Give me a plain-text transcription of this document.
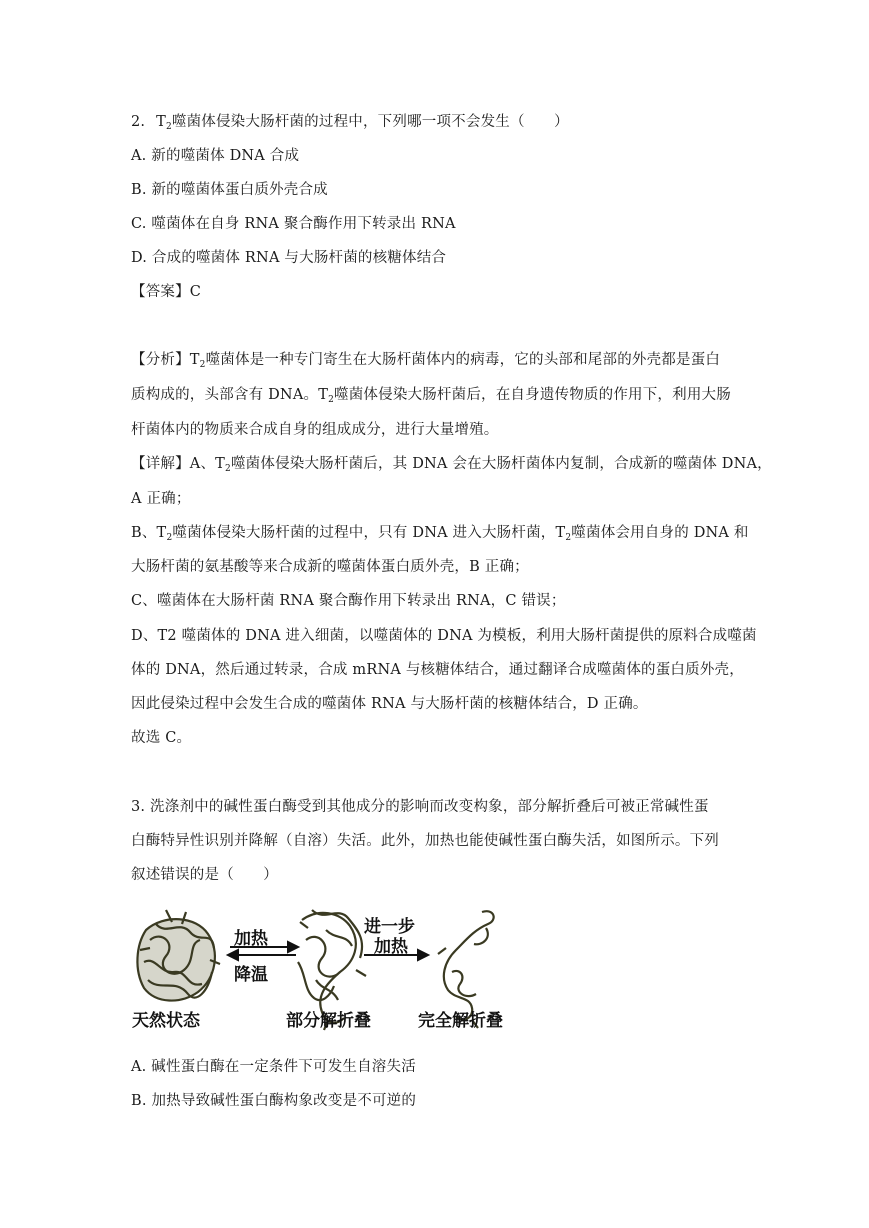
2. $T_2$噬菌体侵染大肠杆菌的过程中，下列哪一项不会发生（　　）
A. 新的噬菌体 DNA 合成
B. 新的噬菌体蛋白质外壳合成
C. 噬菌体在自身 RNA 聚合酶作用下转录出 RNA
D. 合成的噬菌体 RNA 与大肠杆菌的核糖体结合
【答案】C
【分析】$T_2$噬菌体是一种专门寄生在大肠杆菌体内的病毒，它的头部和尾部的外壳都是蛋白
质构成的，头部含有 DNA。$T_2$噬菌体侵染大肠杆菌后，在自身遗传物质的作用下，利用大肠
杆菌体内的物质来合成自身的组成成分，进行大量增殖。
【详解】A、$T_2$噬菌体侵染大肠杆菌后，其 DNA 会在大肠杆菌体内复制，合成新的噬菌体 DNA，
A 正确；
B、$T_2$噬菌体侵染大肠杆菌的过程中，只有 DNA 进入大肠杆菌，$T_2$噬菌体会用自身的 DNA 和
大肠杆菌的氨基酸等来合成新的噬菌体蛋白质外壳，B 正确；
C、噬菌体在大肠杆菌 RNA 聚合酶作用下转录出 RNA，C 错误；
D、T2 噬菌体的 DNA 进入细菌，以噬菌体的 DNA 为模板，利用大肠杆菌提供的原料合成噬菌
体的 DNA，然后通过转录，合成 mRNA 与核糖体结合，通过翻译合成噬菌体的蛋白质外壳，
因此侵染过程中会发生合成的噬菌体 RNA 与大肠杆菌的核糖体结合，D 正确。
故选 C。
3. 洗涤剂中的碱性蛋白酶受到其他成分的影响而改变构象，部分解折叠后可被正常碱性蛋
白酶特异性识别并降解（自溶）失活。此外，加热也能使碱性蛋白酶失活，如图所示。下列
叙述错误的是（　　）
加热
降温
进一步
加热
天然状态	部分解折叠	完全解折叠
A. 碱性蛋白酶在一定条件下可发生自溶失活
B. 加热导致碱性蛋白酶构象改变是不可逆的
